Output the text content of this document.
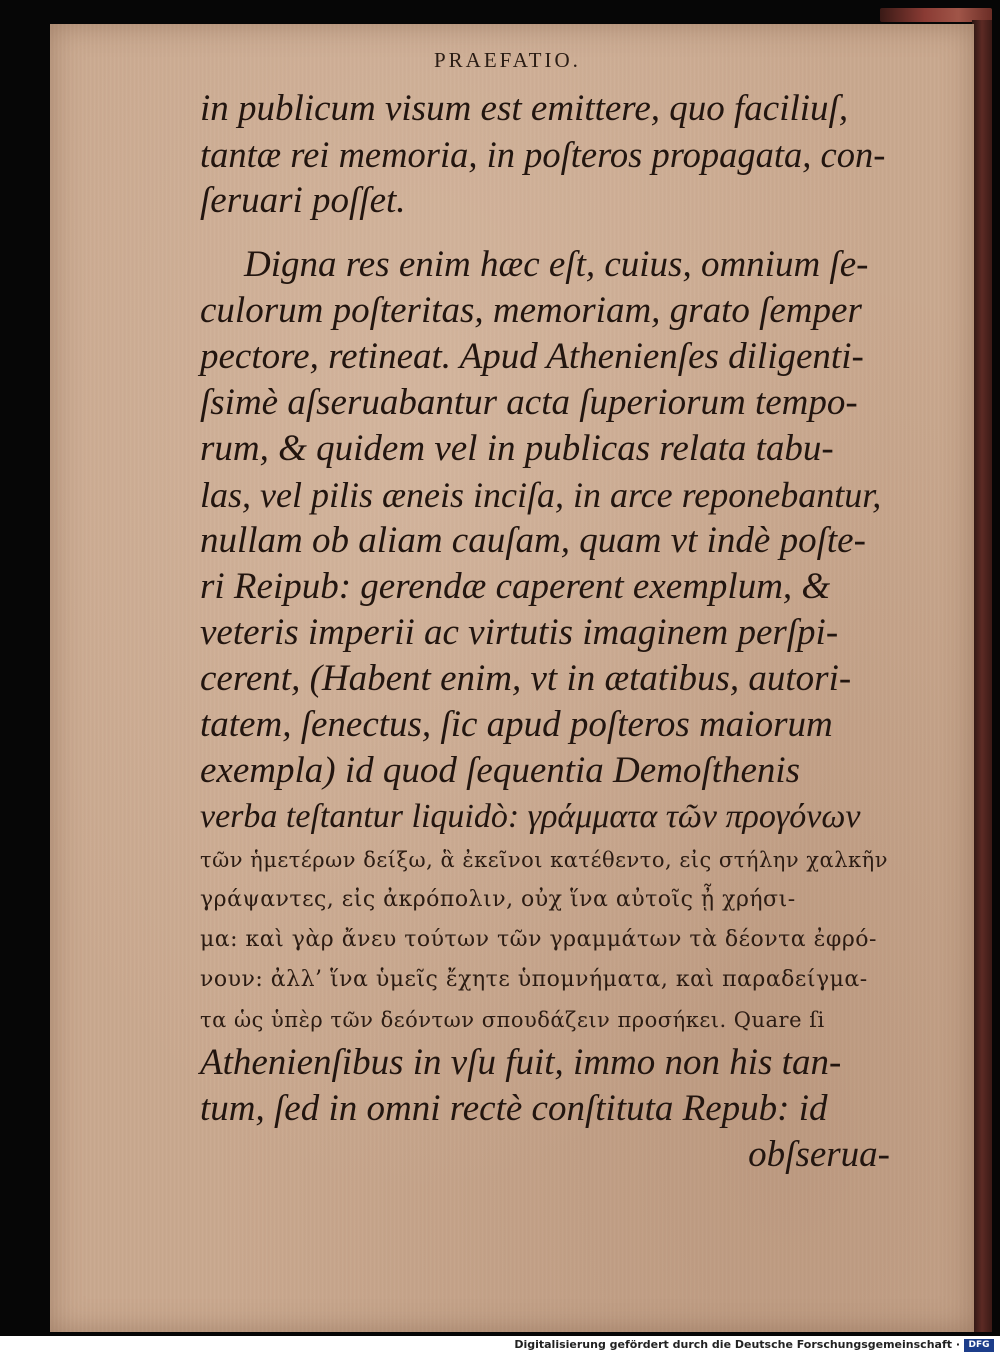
PRAEFATIO.
in publicum visum est emittere, quo faciliuſ,
tantæ rei memoria, in poſteros propagata, con-
ſeruari poſſet.
Digna res enim hæc eſt, cuius, omnium ſe-
culorum poſteritas, memoriam, grato ſemper
pectore, retineat. Apud Athenienſes diligenti-
ſsimè aſseruabantur acta ſuperiorum tempo-
rum, & quidem vel in publicas relata tabu-
las, vel pilis æneis inciſa, in arce reponebantur,
nullam ob aliam cauſam, quam vt indè poſte-
ri Reipub: gerendæ caperent exemplum, &
veteris imperii ac virtutis imaginem perſpi-
cerent, (Habent enim, vt in ætatibus, autori-
tatem, ſenectus, ſic apud poſteros maiorum
exempla) id quod ſequentia Demoſthenis
verba teſtantur liquidò: γράμματα τῶν προγόνων
τῶν ἡμετέρων δείξω, ἃ ἐκεῖνοι κατέθεντο, εἰς στήλην χαλκῆν
γράψαντες, εἰς ἀκρόπολιν, οὐχ ἵνα αὐτοῖς ᾖ χρήσι-
μα: καὶ γὰρ ἄνευ τούτων τῶν γραμμάτων τὰ δέοντα ἐφρό-
νουν: ἀλλ’ ἵνα ὑμεῖς ἔχητε ὑπομνήματα, καὶ παραδείγμα-
τα ὡς ὑπὲρ τῶν δεόντων σπουδάζειν προσήκει. Quare ſi
Athenienſibus in vſu fuit, immo non his tan-
tum, ſed in omni rectè conſtituta Repub: id
obſserua-
Digitalisierung gefördert durch die Deutsche Forschungsgemeinschaft · DFG
